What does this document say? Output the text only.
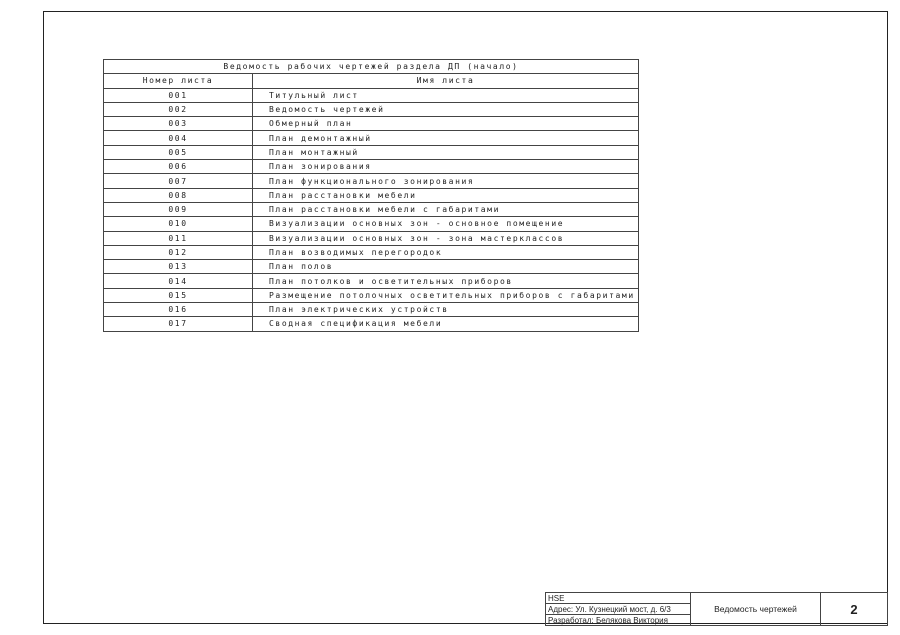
Ведомость рабочих чертежей раздела ДП (начало)	
Номер листа	Имя листа
001	Титульный лист
002	Ведомость чертежей
003	Обмерный план
004	План демонтажный
005	План монтажный
006	План зонирования
007	План функционального зонирования
008	План расстановки мебели
009	План расстановки мебели с габаритами
010	Визуализации основных зон - основное помещение
011	Визуализации основных зон - зона мастерклассов
012	План возводимых перегородок
013	План полов
014	План потолков и осветительных приборов
015	Размещение потолочных осветительных приборов с габаритами
016	План электрических устройств
017	Сводная спецификация мебели
HSE	Ведомость чертежей	2
Адрес: Ул. Кузнецкий мост, д. 6/3
Разработал: Белякова Виктория
